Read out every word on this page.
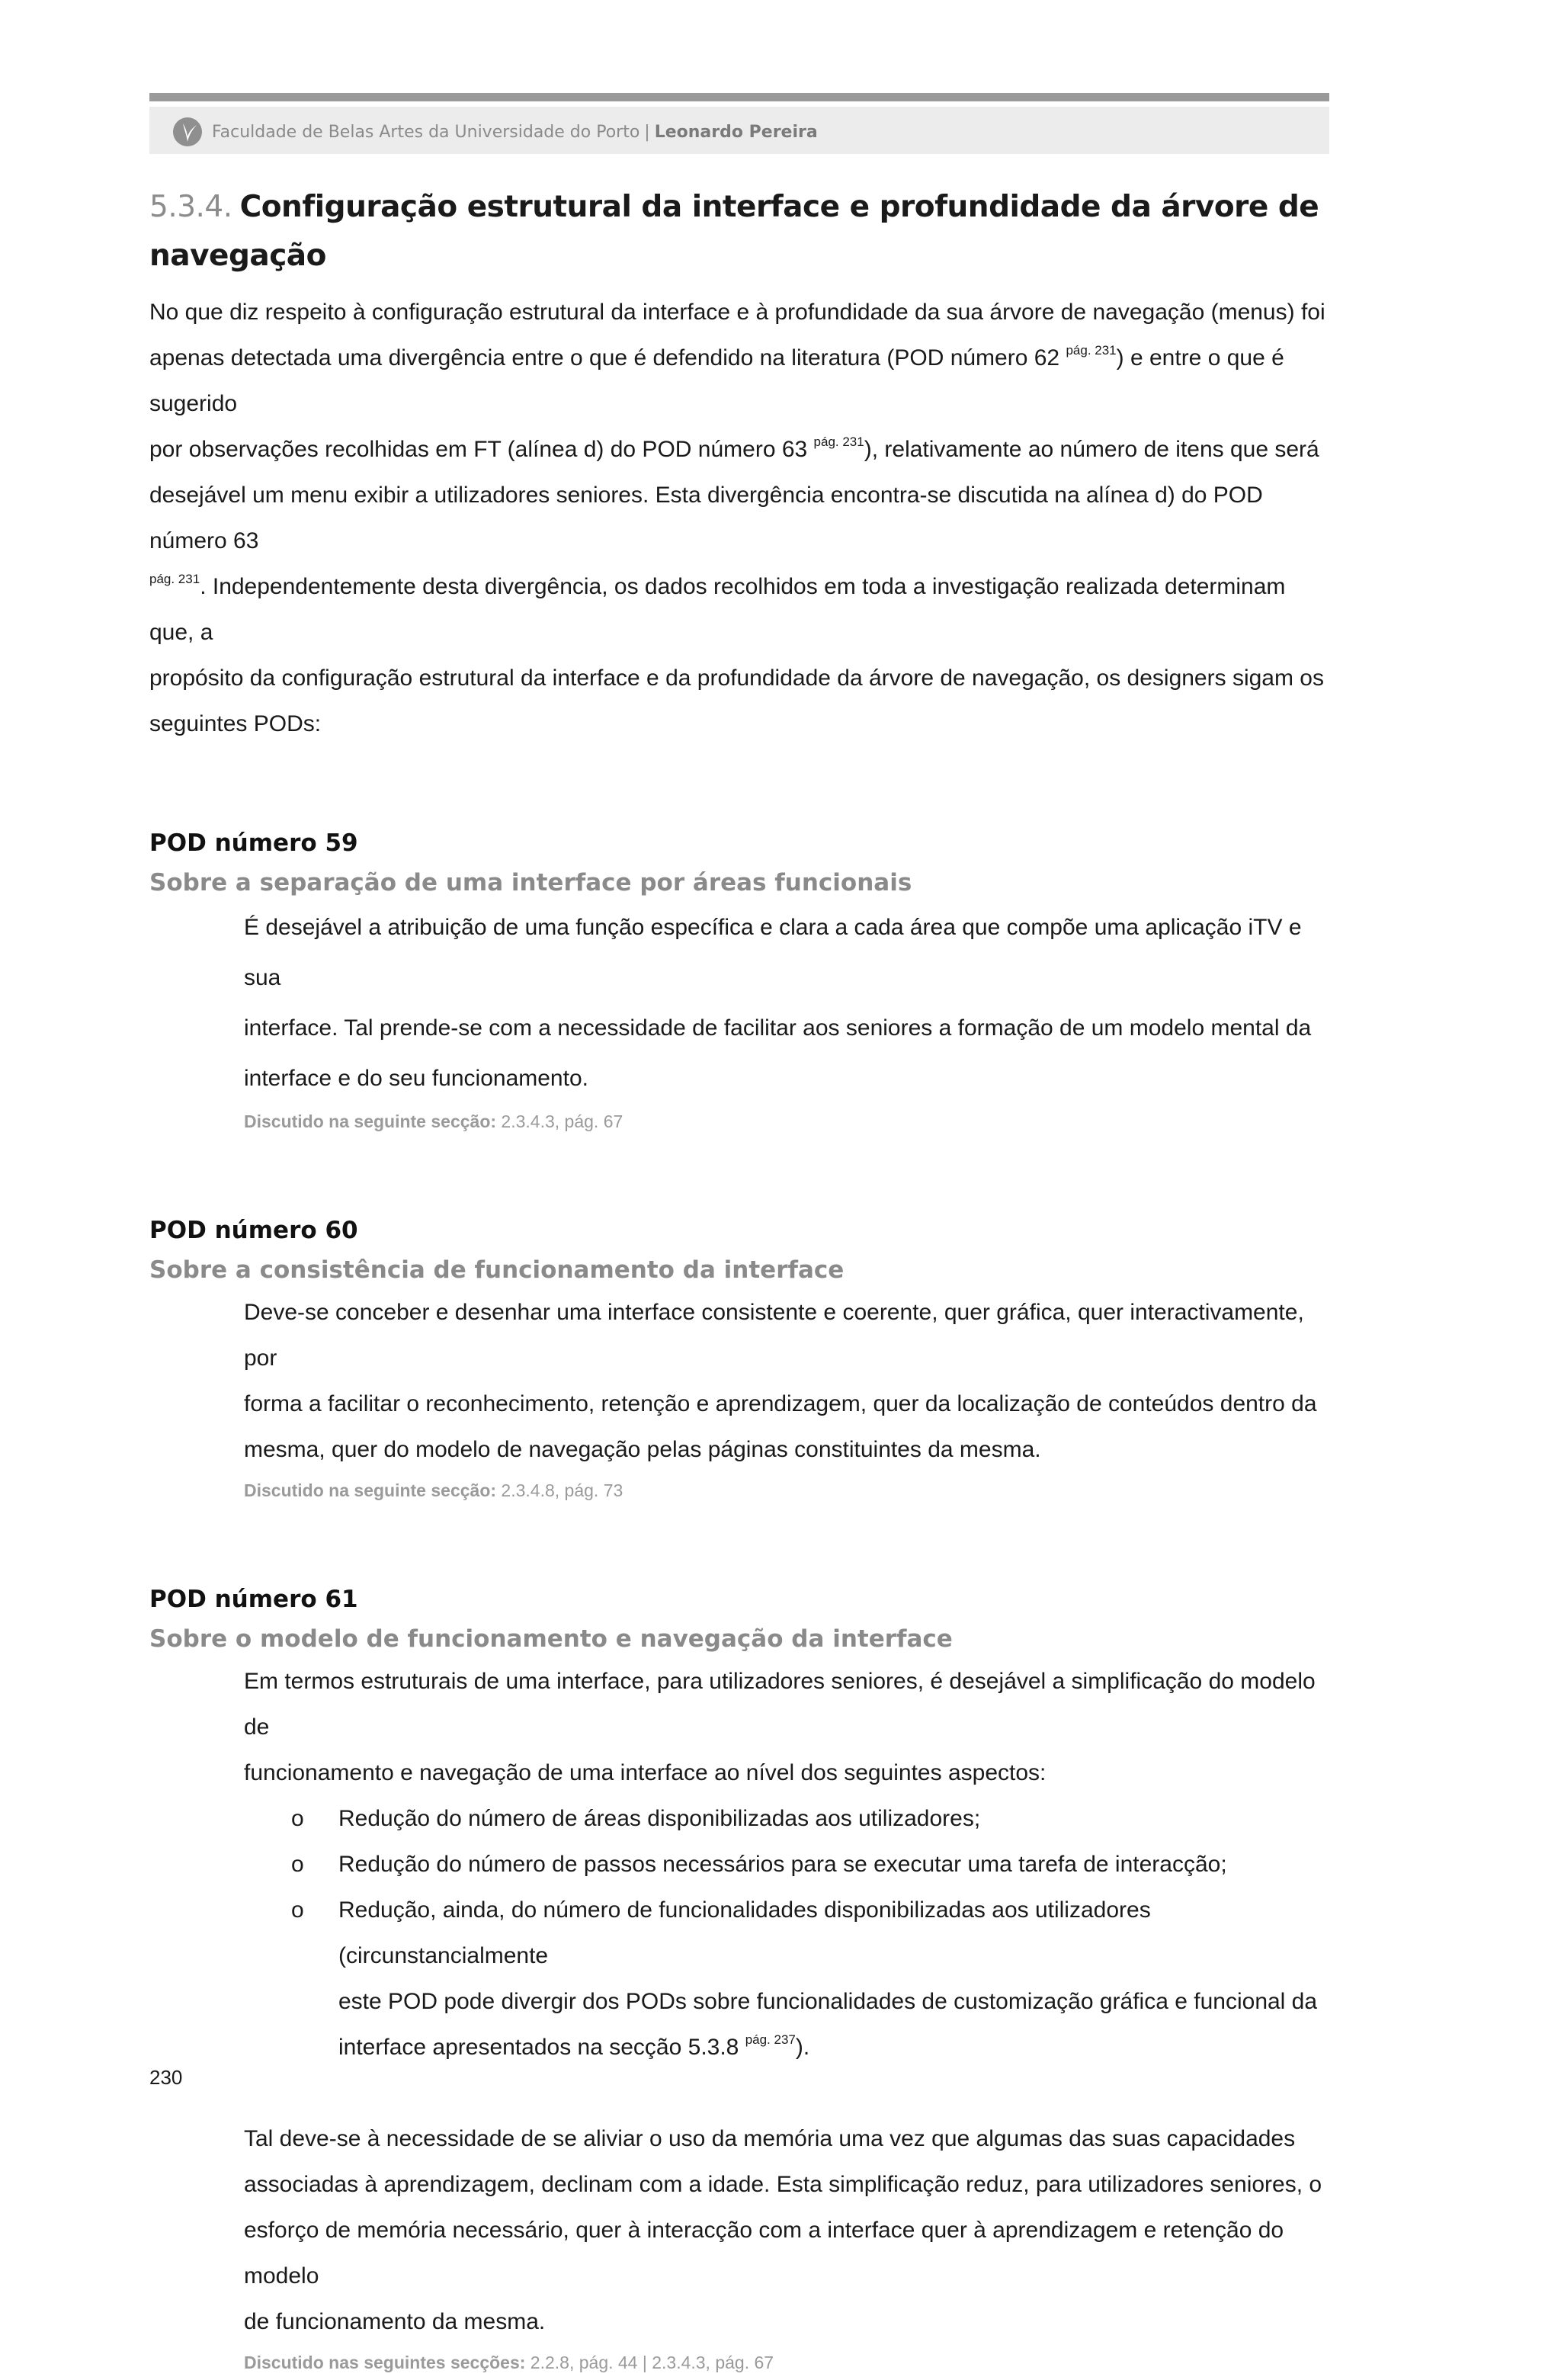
Faculdade de Belas Artes da Universidade do Porto | Leonardo Pereira
5.3.4. Configuração estrutural da interface e profundidade da árvore de
navegação

No que diz respeito à configuração estrutural da interface e à profundidade da sua árvore de navegação (menus) foi
apenas detectada uma divergência entre o que é defendido na literatura (POD número 62 $^{pág. 231}$) e entre o que é sugerido
por observações recolhidas em FT (alínea d) do POD número 63 $^{pág. 231}$), relativamente ao número de itens que será
desejável um menu exibir a utilizadores seniores. Esta divergência encontra-se discutida na alínea d) do POD número 63
$^{pág. 231}$. Independentemente desta divergência, os dados recolhidos em toda a investigação realizada determinam que, a
propósito da configuração estrutural da interface e da profundidade da árvore de navegação, os designers sigam os
seguintes PODs:

POD número 59
Sobre a separação de uma interface por áreas funcionais
É desejável a atribuição de uma função específica e clara a cada área que compõe uma aplicação iTV e sua
interface. Tal prende-se com a necessidade de facilitar aos seniores a formação de um modelo mental da
interface e do seu funcionamento.
Discutido na seguinte secção: 2.3.4.3, pág. 67
POD número 60
Sobre a consistência de funcionamento da interface
Deve-se conceber e desenhar uma interface consistente e coerente, quer gráfica, quer interactivamente, por
forma a facilitar o reconhecimento, retenção e aprendizagem, quer da localização de conteúdos dentro da
mesma, quer do modelo de navegação pelas páginas constituintes da mesma.
Discutido na seguinte secção: 2.3.4.8, pág. 73
POD número 61
Sobre o modelo de funcionamento e navegação da interface
Em termos estruturais de uma interface, para utilizadores seniores, é desejável a simplificação do modelo de
funcionamento e navegação de uma interface ao nível dos seguintes aspectos:
o Redução do número de áreas disponibilizadas aos utilizadores;
o Redução do número de passos necessários para se executar uma tarefa de interacção;
o Redução, ainda, do número de funcionalidades disponibilizadas aos utilizadores (circunstancialmente
este POD pode divergir dos PODs sobre funcionalidades de customização gráfica e funcional da
interface apresentados na secção 5.3.8 $^{pág. 237}$).
Tal deve-se à necessidade de se aliviar o uso da memória uma vez que algumas das suas capacidades
associadas à aprendizagem, declinam com a idade. Esta simplificação reduz, para utilizadores seniores, o
esforço de memória necessário, quer à interacção com a interface quer à aprendizagem e retenção do modelo
de funcionamento da mesma.
Discutido nas seguintes secções: 2.2.8, pág. 44 | 2.3.4.3, pág. 67
230
